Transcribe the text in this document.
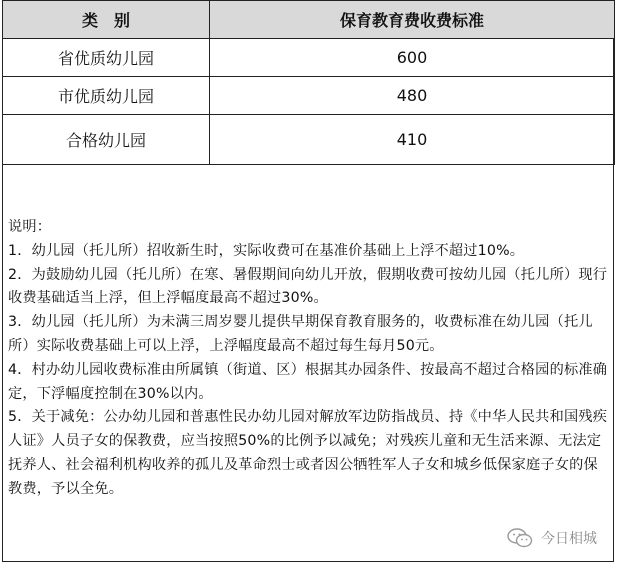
类　别	保育教育费收费标准
省优质幼儿园	600
市优质幼儿园	480
合格幼儿园	410

说明：

1．幼儿园（托儿所）招收新生时，实际收费可在基准价基础上上浮不超过10%。

2．为鼓励幼儿园（托儿所）在寒、暑假期间向幼儿开放，假期收费可按幼儿园（托儿所）现行收费基础适当上浮，但上浮幅度最高不超过30%。

3．幼儿园（托儿所）为未满三周岁婴儿提供早期保育教育服务的，收费标准在幼儿园（托儿所）实际收费基础上可以上浮，上浮幅度最高不超过每生每月50元。

4．村办幼儿园收费标准由所属镇（街道、区）根据其办园条件、按最高不超过合格园的标准确定，下浮幅度控制在30%以内。

5．关于减免：公办幼儿园和普惠性民办幼儿园对解放军边防指战员、持《中华人民共和国残疾人证》人员子女的保教费，应当按照50%的比例予以减免；对残疾儿童和无生活来源、无法定抚养人、社会福利机构收养的孤儿及革命烈士或者因公牺牲军人子女和城乡低保家庭子女的保教费，予以全免。

今日相城
